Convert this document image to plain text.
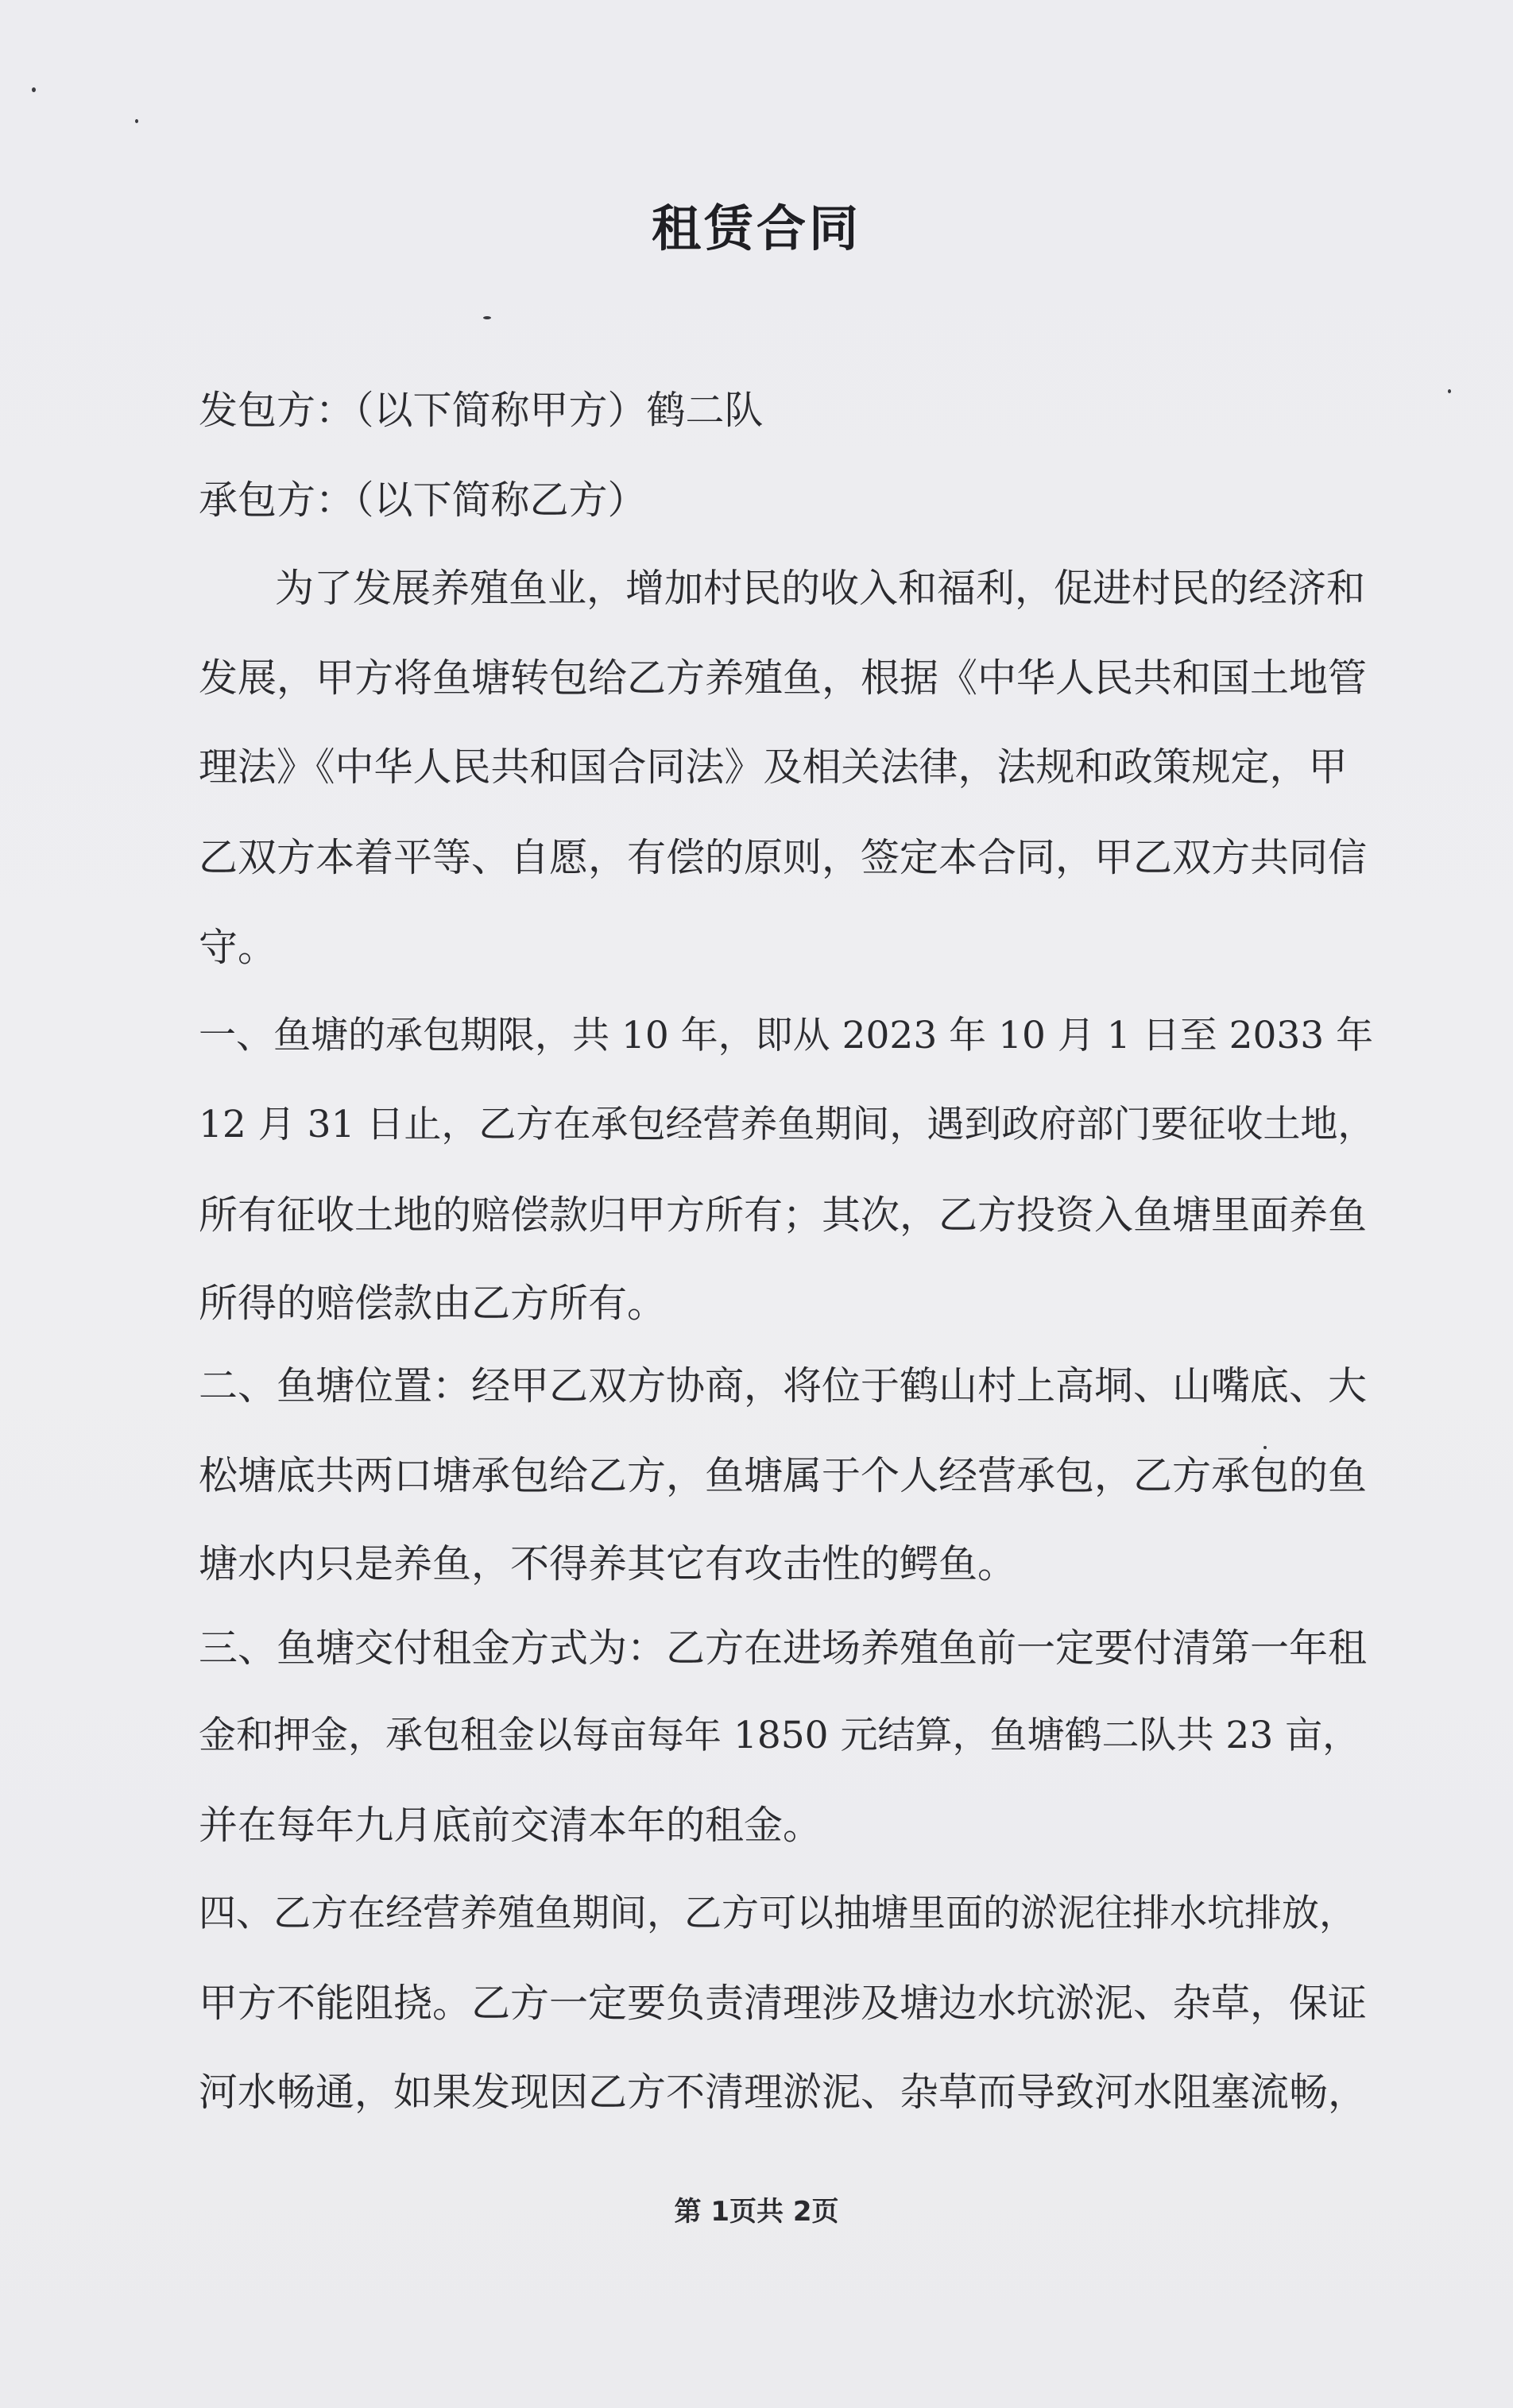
租赁合同
发包方：（以下简称甲方）鹤二队
承包方：（以下简称乙方）
为了发展养殖鱼业，增加村民的收入和福利，促进村民的经济和
发展，甲方将鱼塘转包给乙方养殖鱼，根据《中华人民共和国土地管
理法》《中华人民共和国合同法》及相关法律，法规和政策规定，甲
乙双方本着平等、自愿，有偿的原则，签定本合同，甲乙双方共同信
守。
一、鱼塘的承包期限，共 10 年，即从 2023 年 10 月 1 日至 2033 年
12 月 31 日止，乙方在承包经营养鱼期间，遇到政府部门要征收土地，
所有征收土地的赔偿款归甲方所有；其次，乙方投资入鱼塘里面养鱼
所得的赔偿款由乙方所有。
二、鱼塘位置：经甲乙双方协商，将位于鹤山村上高垌、山嘴底、大
松塘底共两口塘承包给乙方，鱼塘属于个人经营承包，乙方承包的鱼
塘水内只是养鱼，不得养其它有攻击性的鳄鱼。
三、鱼塘交付租金方式为：乙方在进场养殖鱼前一定要付清第一年租
金和押金，承包租金以每亩每年 1850 元结算，鱼塘鹤二队共 23 亩，
并在每年九月底前交清本年的租金。
四、乙方在经营养殖鱼期间，乙方可以抽塘里面的淤泥往排水坑排放，
甲方不能阻挠。乙方一定要负责清理涉及塘边水坑淤泥、杂草，保证
河水畅通，如果发现因乙方不清理淤泥、杂草而导致河水阻塞流畅，
第 1页共 2页
